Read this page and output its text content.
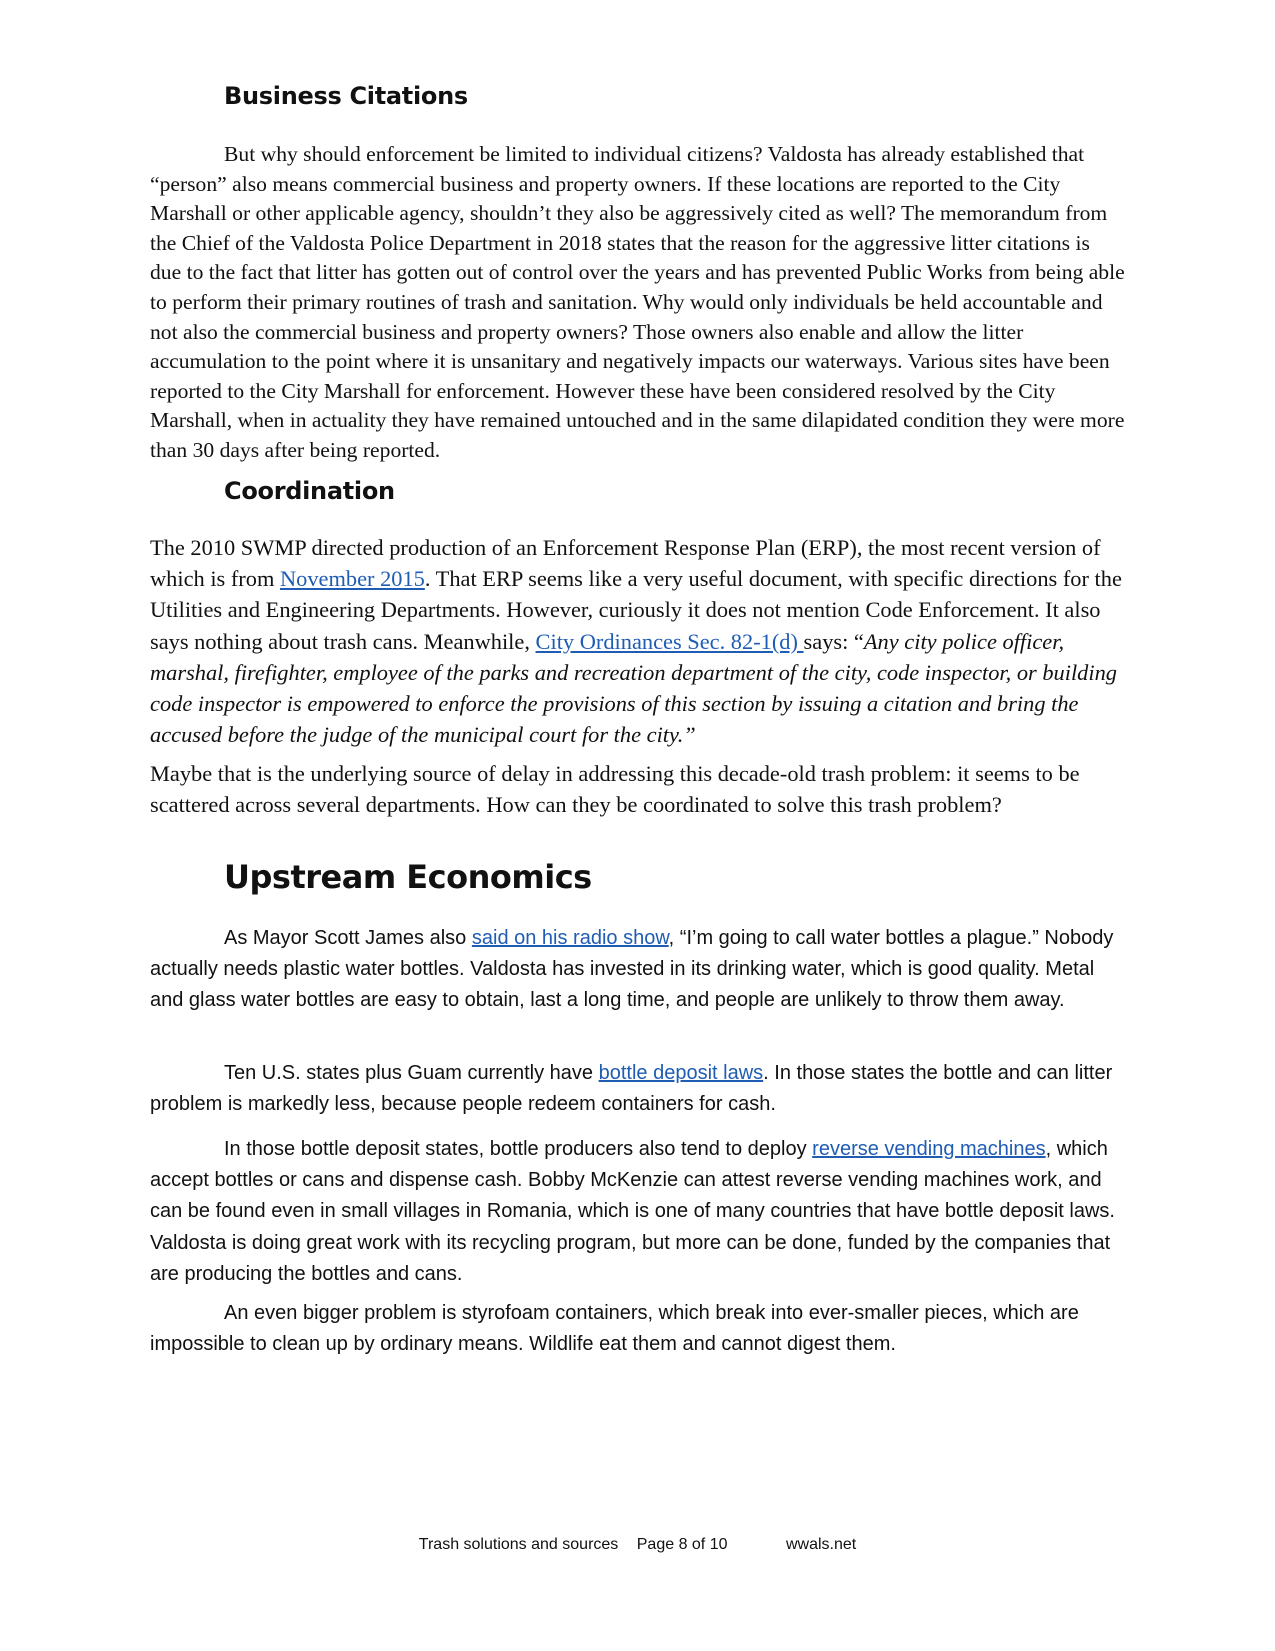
Business Citations

But why should enforcement be limited to individual citizens? Valdosta has already established that “person” also means commercial business and property owners. If these locations are reported to the City Marshall or other applicable agency, shouldn’t they also be aggressively cited as well? The memorandum from the Chief of the Valdosta Police Department in 2018 states that the reason for the aggressive litter citations is due to the fact that litter has gotten out of control over the years and has prevented Public Works from being able to perform their primary routines of trash and sanitation. Why would only individuals be held accountable and not also the commercial business and property owners? Those owners also enable and allow the litter accumulation to the point where it is unsanitary and negatively impacts our waterways. Various sites have been reported to the City Marshall for enforcement. However these have been considered resolved by the City Marshall, when in actuality they have remained untouched and in the same dilapidated condition they were more than 30 days after being reported.

Coordination

The 2010 SWMP directed production of an Enforcement Response Plan (ERP), the most recent version of which is from November 2015. That ERP seems like a very useful document, with specific directions for the Utilities and Engineering Departments. However, curiously it does not mention Code Enforcement. It also says nothing about trash cans. Meanwhile, City Ordinances Sec. 82-1(d) says: “Any city police officer, marshal, firefighter, employee of the parks and recreation department of the city, code inspector, or building code inspector is empowered to enforce the provisions of this section by issuing a citation and bring the accused before the judge of the municipal court for the city.”

Maybe that is the underlying source of delay in addressing this decade-old trash problem: it seems to be scattered across several departments. How can they be coordinated to solve this trash problem?

Upstream Economics

As Mayor Scott James also said on his radio show, “I’m going to call water bottles a plague.” Nobody actually needs plastic water bottles. Valdosta has invested in its drinking water, which is good quality. Metal and glass water bottles are easy to obtain, last a long time, and people are unlikely to throw them away.

Ten U.S. states plus Guam currently have bottle deposit laws. In those states the bottle and can litter problem is markedly less, because people redeem containers for cash.

In those bottle deposit states, bottle producers also tend to deploy reverse vending machines, which accept bottles or cans and dispense cash. Bobby McKenzie can attest reverse vending machines work, and can be found even in small villages in Romania, which is one of many countries that have bottle deposit laws. Valdosta is doing great work with its recycling program, but more can be done, funded by the companies that are producing the bottles and cans.

An even bigger problem is styrofoam containers, which break into ever-smaller pieces, which are impossible to clean up by ordinary means. Wildlife eat them and cannot digest them.

Trash solutions and sources Page 8 of 10	wwals.net
